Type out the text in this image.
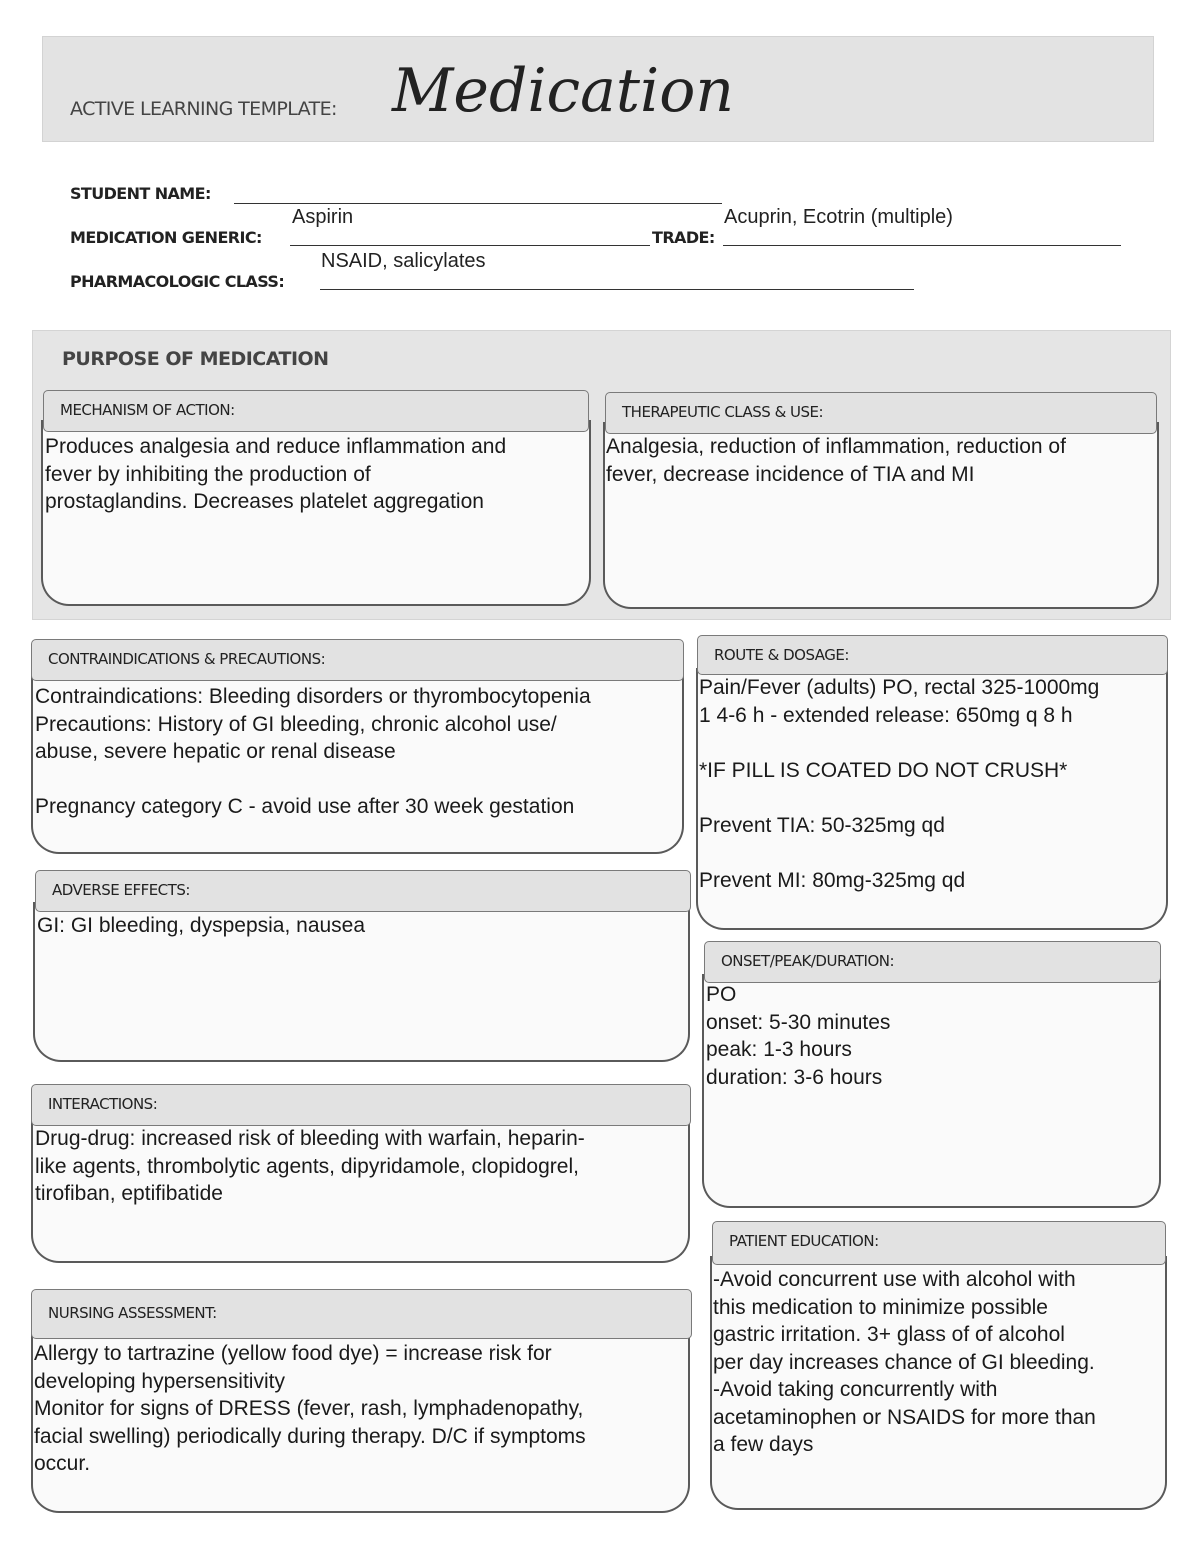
ACTIVE LEARNING TEMPLATE: Medication
STUDENT NAME:
Aspirin
MEDICATION GENERIC:
Acuprin, Ecotrin (multiple)
TRADE:
NSAID, salicylates
PHARMACOLOGIC CLASS:
PURPOSE OF MEDICATION
MECHANISM OF ACTION:
Produces analgesia and reduce inflammation and
fever by inhibiting the production of
prostaglandins. Decreases platelet aggregation
THERAPEUTIC CLASS & USE:
Analgesia, reduction of inflammation, reduction of
fever, decrease incidence of TIA and MI
CONTRAINDICATIONS & PRECAUTIONS:
Contraindications: Bleeding disorders or thyrombocytopenia
Precautions: History of GI bleeding, chronic alcohol use/
abuse, severe hepatic or renal disease

Pregnancy category C - avoid use after 30 week gestation
ADVERSE EFFECTS:
GI: GI bleeding, dyspepsia, nausea
INTERACTIONS:
Drug-drug: increased risk of bleeding with warfain, heparin-
like agents, thrombolytic agents, dipyridamole, clopidogrel,
tirofiban, eptifibatide
NURSING ASSESSMENT:
Allergy to tartrazine (yellow food dye) = increase risk for
developing hypersensitivity
Monitor for signs of DRESS (fever, rash, lymphadenopathy,
facial swelling) periodically during therapy. D/C if symptoms
occur.
ROUTE & DOSAGE:
Pain/Fever (adults) PO, rectal 325-1000mg
1 4-6 h - extended release: 650mg q 8 h

*IF PILL IS COATED DO NOT CRUSH*

Prevent TIA: 50-325mg qd

Prevent MI: 80mg-325mg qd
ONSET/PEAK/DURATION:
PO
onset: 5-30 minutes
peak: 1-3 hours
duration: 3-6 hours
PATIENT EDUCATION:
-Avoid concurrent use with alcohol with
this medication to minimize possible
gastric irritation. 3+ glass of of alcohol
per day increases chance of GI bleeding.
-Avoid taking concurrently with
acetaminophen or NSAIDS for more than
a few days
